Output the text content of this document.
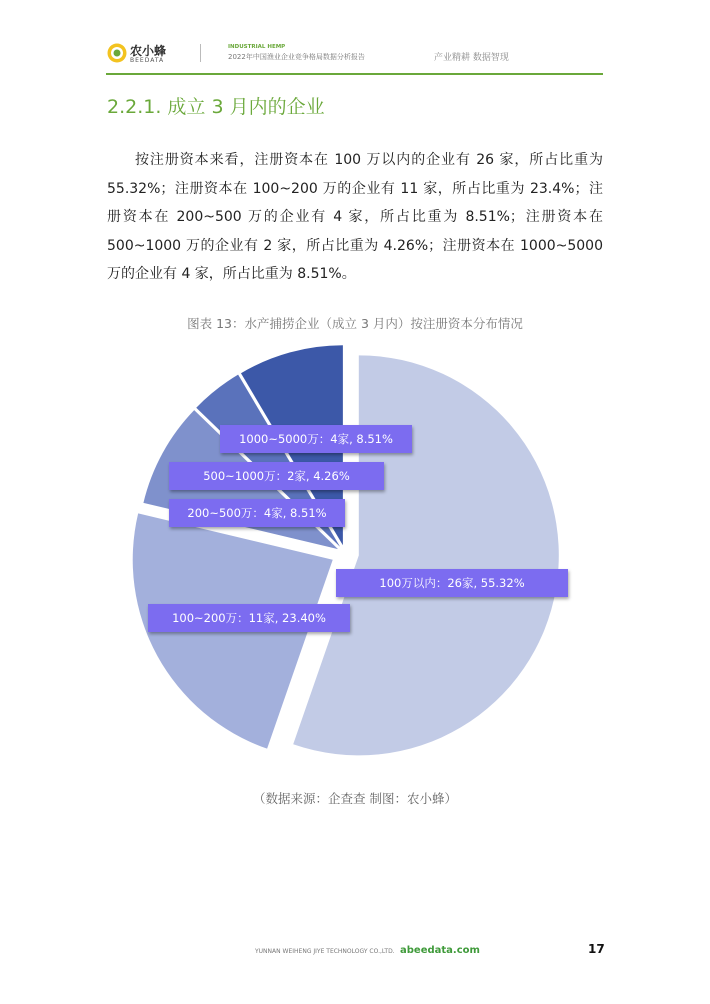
农小蜂
BEEDATA
INDUSTRIAL HEMP
2022年中国渔业企业竞争格局数据分析报告	产业精耕 数据智现
2.2.1. 成立 3 月内的企业

按注册资本来看，注册资本在 100 万以内的企业有 26 家，所占比重为 55.32%；注册资本在 100~200 万的企业有 11 家，所占比重为 23.4%；注册资本在 200~500 万的企业有 4 家，所占比重为 8.51%；注册资本在 500~1000 万的企业有 2 家，所占比重为 4.26%；注册资本在 1000~5000 万的企业有 4 家，所占比重为 8.51%。

图表 13：水产捕捞企业（成立 3 月内）按注册资本分布情况
100万以内：26家, 55.32%
100~200万：11家, 23.40%
200~500万：4家, 8.51%
500~1000万：2家, 4.26%
1000~5000万：4家, 8.51%
（数据来源：企查查 制图：农小蜂）
YUNNAN WEIHENG JIYE TECHNOLOGY CO.,LTD. abeedata.com	17
